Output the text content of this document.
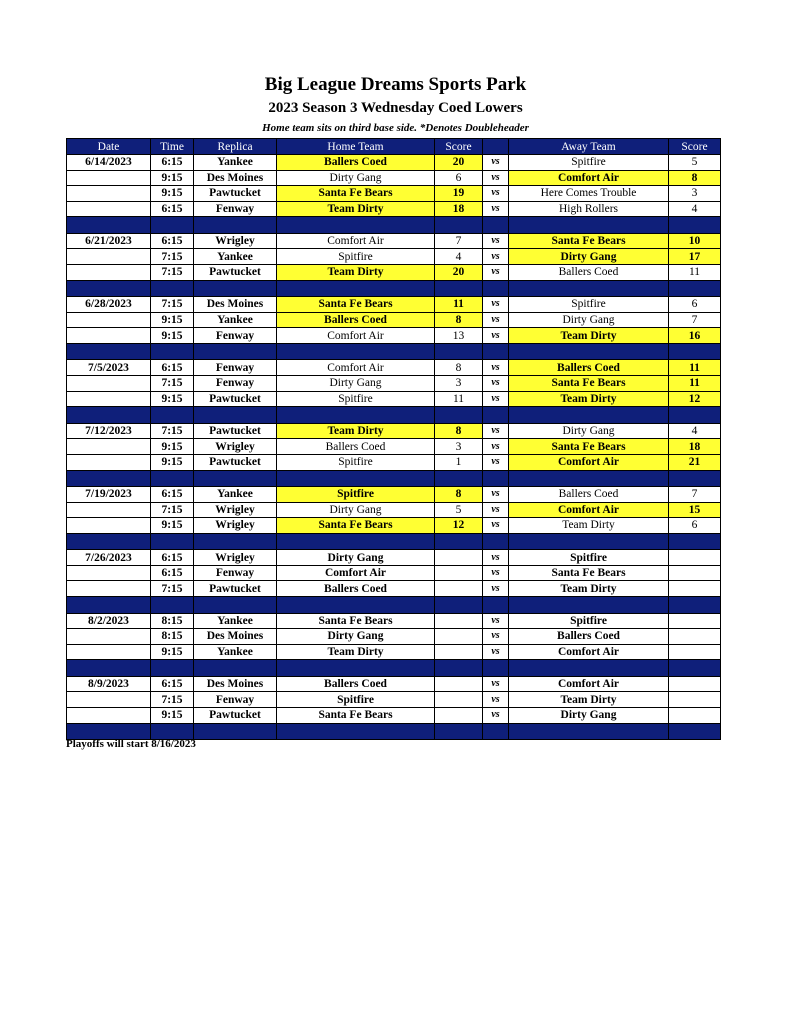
Big League Dreams Sports Park
2023 Season 3 Wednesday Coed Lowers
Home team sits on third base side. *Denotes Doubleheader
Date	Time	Replica	Home Team	Score		Away Team	Score
6/14/2023	6:15	Yankee	Ballers Coed	20	vs	Spitfire	5
	9:15	Des Moines	Dirty Gang	6	vs	Comfort Air	8
	9:15	Pawtucket	Santa Fe Bears	19	vs	Here Comes Trouble	3
	6:15	Fenway	Team Dirty	18	vs	High Rollers	4

6/21/2023	6:15	Wrigley	Comfort Air	7	vs	Santa Fe Bears	10
	7:15	Yankee	Spitfire	4	vs	Dirty Gang	17
	7:15	Pawtucket	Team Dirty	20	vs	Ballers Coed	11

6/28/2023	7:15	Des Moines	Santa Fe Bears	11	vs	Spitfire	6
	9:15	Yankee	Ballers Coed	8	vs	Dirty Gang	7
	9:15	Fenway	Comfort Air	13	vs	Team Dirty	16

7/5/2023	6:15	Fenway	Comfort Air	8	vs	Ballers Coed	11
	7:15	Fenway	Dirty Gang	3	vs	Santa Fe Bears	11
	9:15	Pawtucket	Spitfire	11	vs	Team Dirty	12

7/12/2023	7:15	Pawtucket	Team Dirty	8	vs	Dirty Gang	4
	9:15	Wrigley	Ballers Coed	3	vs	Santa Fe Bears	18
	9:15	Pawtucket	Spitfire	1	vs	Comfort Air	21

7/19/2023	6:15	Yankee	Spitfire	8	vs	Ballers Coed	7
	7:15	Wrigley	Dirty Gang	5	vs	Comfort Air	15
	9:15	Wrigley	Santa Fe Bears	12	vs	Team Dirty	6

7/26/2023	6:15	Wrigley	Dirty Gang		vs	Spitfire	
	6:15	Fenway	Comfort Air		vs	Santa Fe Bears	
	7:15	Pawtucket	Ballers Coed		vs	Team Dirty	

8/2/2023	8:15	Yankee	Santa Fe Bears		vs	Spitfire	
	8:15	Des Moines	Dirty Gang		vs	Ballers Coed	
	9:15	Yankee	Team Dirty		vs	Comfort Air	

8/9/2023	6:15	Des Moines	Ballers Coed		vs	Comfort Air	
	7:15	Fenway	Spitfire		vs	Team Dirty	
	9:15	Pawtucket	Santa Fe Bears		vs	Dirty Gang	

Playoffs will start 8/16/2023
